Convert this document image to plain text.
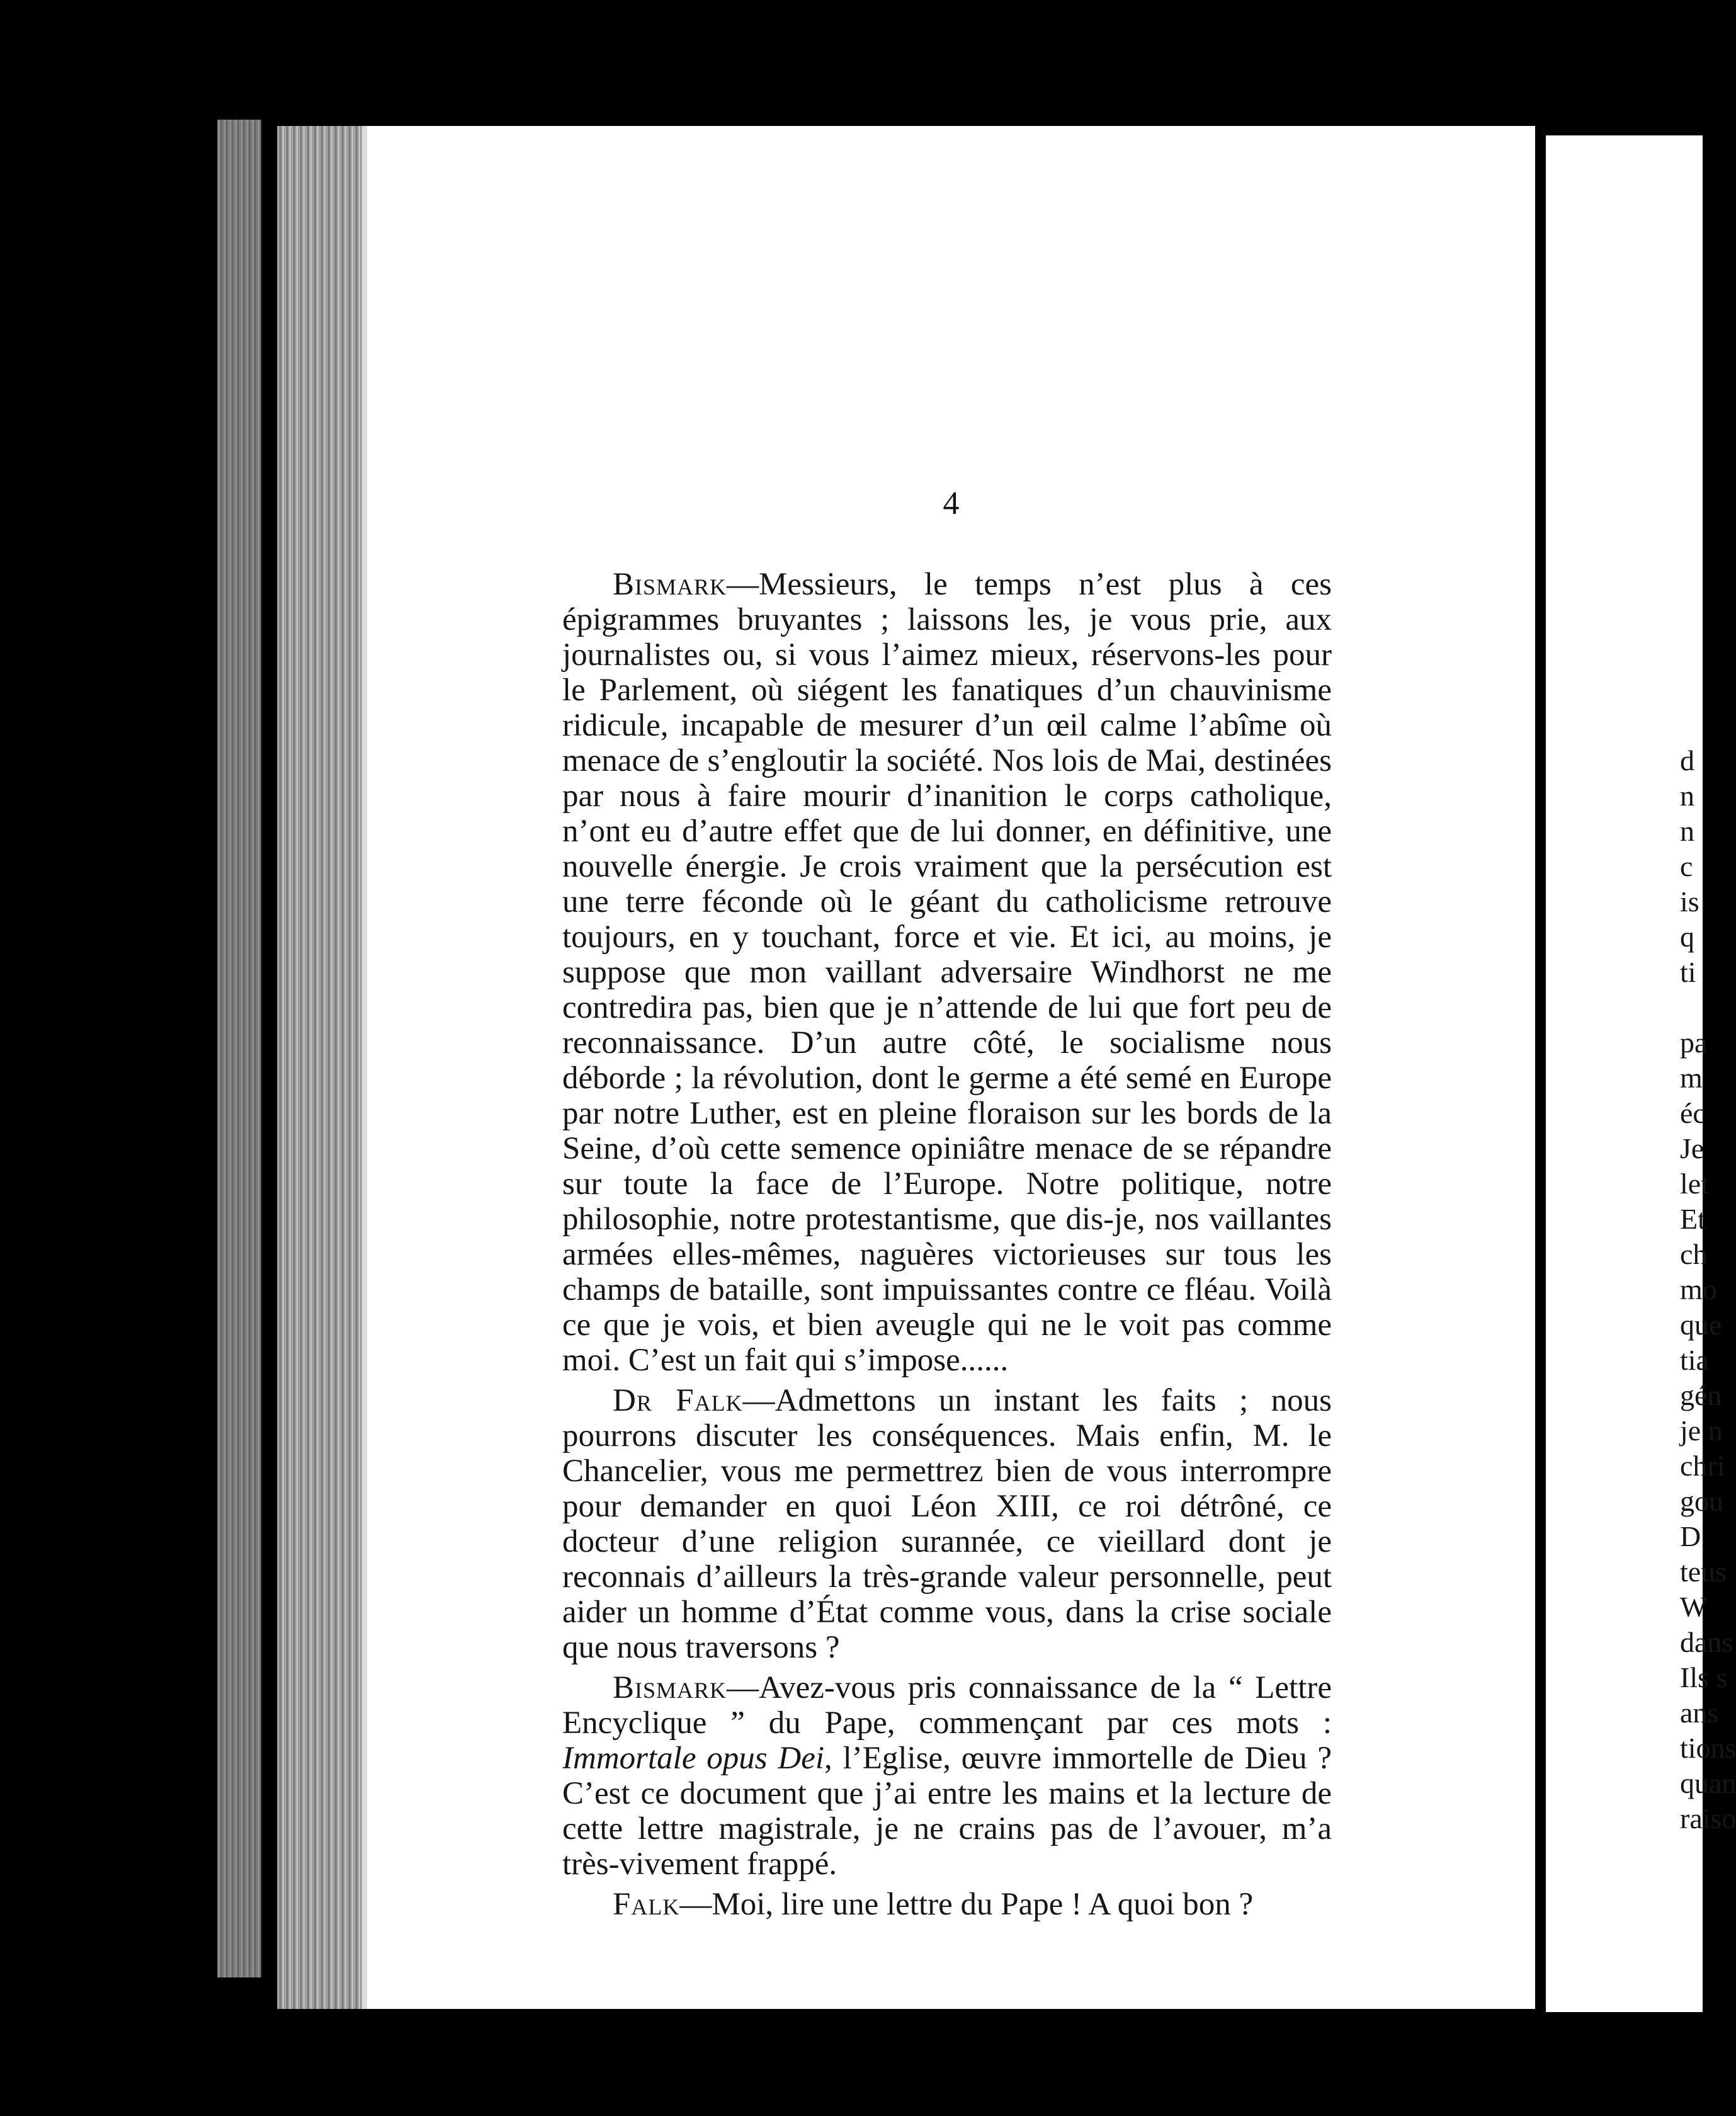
4

Bismark—Messieurs, le temps n’est plus à ces épigrammes bruyantes ; laissons les, je vous prie, aux journalistes ou, si vous l’aimez mieux, réservons-les pour le Parlement, où siégent les fanatiques d’un chauvinisme ridicule, incapable de mesurer d’un œil calme l’abîme où menace de s’engloutir la société. Nos lois de Mai, destinées par nous à faire mourir d’inanition le corps catholique, n’ont eu d’autre effet que de lui donner, en définitive, une nouvelle énergie. Je crois vraiment que la persécution est une terre féconde où le géant du catholicisme retrouve toujours, en y touchant, force et vie. Et ici, au moins, je suppose que mon vaillant adversaire Windhorst ne me contredira pas, bien que je n’attende de lui que fort peu de reconnaissance. D’un autre côté, le socialisme nous déborde ; la révolution, dont le germe a été semé en Europe par notre Luther, est en pleine floraison sur les bords de la Seine, d’où cette semence opiniâtre menace de se répandre sur toute la face de l’Europe. Notre politique, notre philosophie, notre protestantisme, que dis-je, nos vaillantes armées elles-mêmes, naguères victorieuses sur tous les champs de bataille, sont impuissantes contre ce fléau. Voilà ce que je vois, et bien aveugle qui ne le voit pas comme moi. C’est un fait qui s’impose......

Dr Falk—Admettons un instant les faits ; nous pourrons discuter les conséquences. Mais enfin, M. le Chancelier, vous me permettrez bien de vous interrompre pour demander en quoi Léon XIII, ce roi détrôné, ce docteur d’une religion surannée, ce vieillard dont je reconnais d’ailleurs la très-grande valeur personnelle, peut aider un homme d’État comme vous, dans la crise sociale que nous traversons ?

Bismark—Avez-vous pris connaissance de la “ Lettre Encyclique ” du Pape, commençant par ces mots : Immortale opus Dei, l’Eglise, œuvre immortelle de Dieu ? C’est ce document que j’ai entre les mains et la lecture de cette lettre magistrale, je ne crains pas de l’avouer, m’a très-vivement frappé.

Falk—Moi, lire une lettre du Pape ! A quoi bon ?

d
n
n
c
is
q
ti
pa
m
éc
Je
let
Et
ch
mo
que
tia
gén
je n
chri
gou
D
teus
W
dans
Ils s
ans
tions
quan
raiso
